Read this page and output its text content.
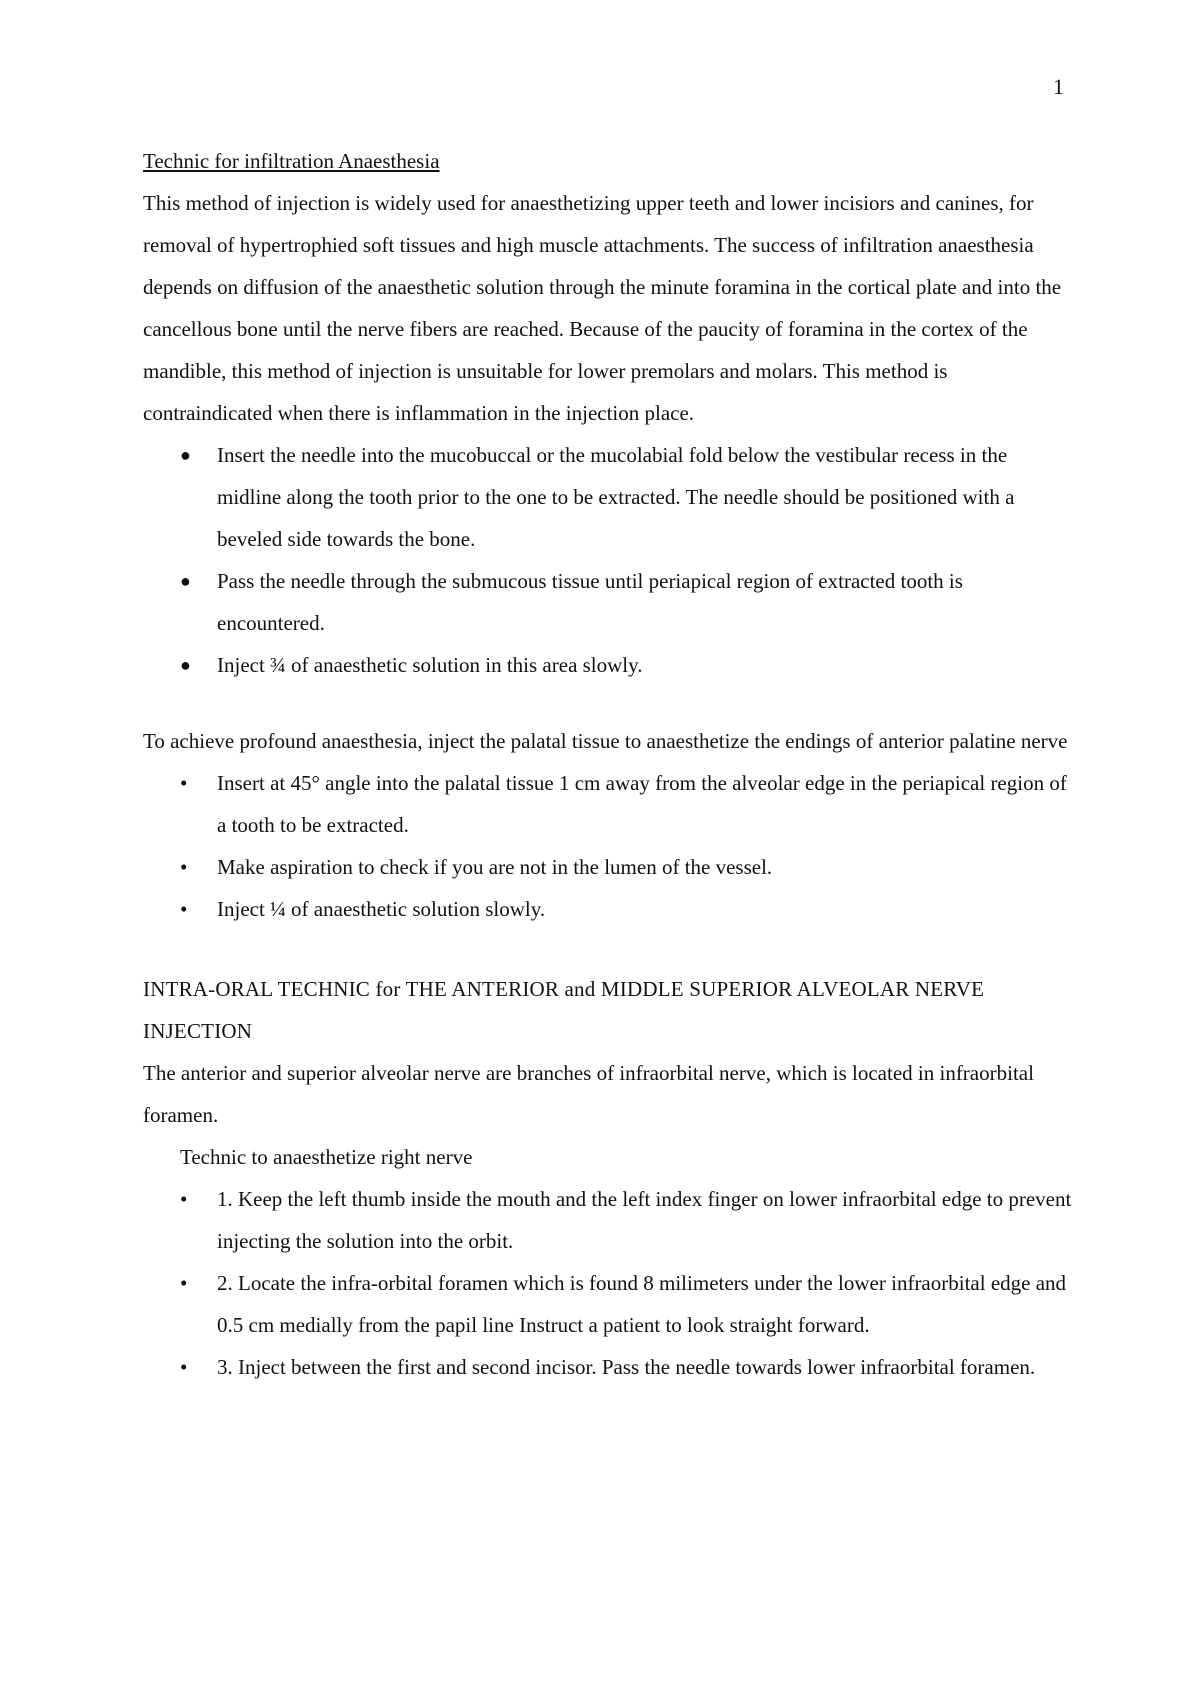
1

Technic for infiltration Anaesthesia

This method of injection is widely used for anaesthetizing upper teeth and lower incisiors and canines, for removal of hypertrophied soft tissues and high muscle attachments. The success of infiltration anaesthesia depends on diffusion of the anaesthetic solution through the minute foramina in the cortical plate and into the cancellous bone until the nerve fibers are reached. Because of the paucity of foramina in the cortex of the mandible, this method of injection is unsuitable for lower premolars and molars. This method is contraindicated when there is inflammation in the injection place.

● Insert the needle into the mucobuccal or the mucolabial fold below the vestibular recess in the midline along the tooth prior to the one to be extracted. The needle should be positioned with a beveled side towards the bone.
● Pass the needle through the submucous tissue until periapical region of extracted tooth is encountered.
● Inject ¾ of anaesthetic solution in this area slowly.

To achieve profound anaesthesia, inject the palatal tissue to anaesthetize the endings of anterior palatine nerve

• Insert at 45° angle into the palatal tissue 1 cm away from the alveolar edge in the periapical region of a tooth to be extracted.
• Make aspiration to check if you are not in the lumen of the vessel.
• Inject ¼ of anaesthetic solution slowly.

INTRA-ORAL TECHNIC for THE ANTERIOR and MIDDLE SUPERIOR ALVEOLAR NERVE INJECTION

The anterior and superior alveolar nerve are branches of infraorbital nerve, which is located in infraorbital foramen.

Technic to anaesthetize right nerve

• 1. Keep the left thumb inside the mouth and the left index finger on lower infraorbital edge to prevent injecting the solution into the orbit.
• 2. Locate the infra-orbital foramen which is found 8 milimeters under the lower infraorbital edge and 0.5 cm medially from the papil line Instruct a patient to look straight forward.
• 3. Inject between the first and second incisor. Pass the needle towards lower infraorbital foramen.
